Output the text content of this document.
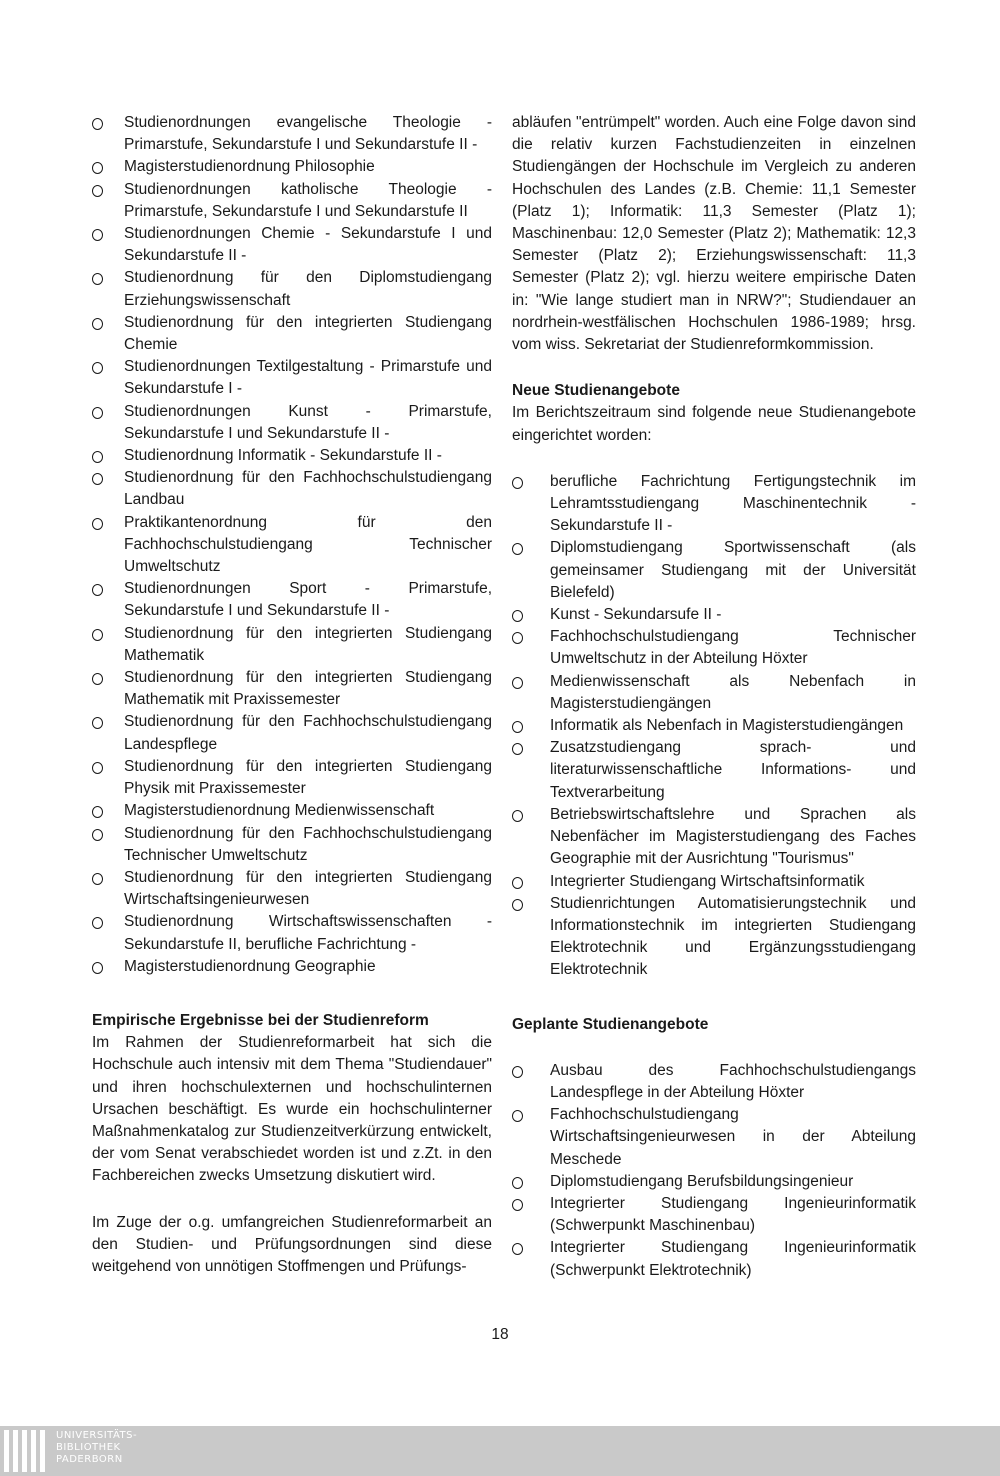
Studienordnungen evangelische Theologie - Primarstufe, Sekundarstufe I und Sekundarstufe II -
Magisterstudienordnung Philosophie
Studienordnungen katholische Theologie - Primarstufe, Sekundarstufe I und Sekundarstufe II
Studienordnungen Chemie - Sekundarstufe I und Sekundarstufe II -
Studienordnung für den Diplomstudiengang Erziehungswissenschaft
Studienordnung für den integrierten Studiengang Chemie
Studienordnungen Textilgestaltung - Primarstufe und Sekundarstufe I -
Studienordnungen Kunst - Primarstufe, Sekundarstufe I und Sekundarstufe II -
Studienordnung Informatik - Sekundarstufe II -
Studienordnung für den Fachhochschulstudiengang Landbau
Praktikantenordnung für den Fachhochschulstudiengang Technischer Umweltschutz
Studienordnungen Sport - Primarstufe, Sekundarstufe I und Sekundarstufe II -
Studienordnung für den integrierten Studiengang Mathematik
Studienordnung für den integrierten Studiengang Mathematik mit Praxissemester
Studienordnung für den Fachhochschulstudiengang Landespflege
Studienordnung für den integrierten Studiengang Physik mit Praxissemester
Magisterstudienordnung Medienwissenschaft
Studienordnung für den Fachhochschulstudiengang Technischer Umweltschutz
Studienordnung für den integrierten Studiengang Wirtschaftsingenieurwesen
Studienordnung Wirtschaftswissenschaften - Sekundarstufe II, berufliche Fachrichtung -
Magisterstudienordnung Geographie
Empirische Ergebnisse bei der Studienreform

Im Rahmen der Studienreformarbeit hat sich die Hochschule auch intensiv mit dem Thema "Studiendauer" und ihren hochschulexternen und hochschulinternen Ursachen beschäftigt. Es wurde ein hochschulinterner Maßnahmenkatalog zur Studienzeitverkürzung entwickelt, der vom Senat verabschiedet worden ist und z.Zt. in den Fachbereichen zwecks Umsetzung diskutiert wird.

Im Zuge der o.g. umfangreichen Studienreformarbeit an den Studien- und Prüfungsordnungen sind diese weitgehend von unnötigen Stoffmengen und Prüfungs-

abläufen "entrümpelt" worden. Auch eine Folge davon sind die relativ kurzen Fachstudienzeiten in einzelnen Studiengängen der Hochschule im Vergleich zu anderen Hochschulen des Landes (z.B. Chemie: 11,1 Semester (Platz 1); Informatik: 11,3 Semester (Platz 1); Maschinenbau: 12,0 Semester (Platz 2); Mathematik: 12,3 Semester (Platz 2); Erziehungswissenschaft: 11,3 Semester (Platz 2); vgl. hierzu weitere empirische Daten in: "Wie lange studiert man in NRW?"; Studiendauer an nordrhein-westfälischen Hochschulen 1986-1989; hrsg. vom wiss. Sekretariat der Studienreformkommission.

Neue Studienangebote

Im Berichtszeitraum sind folgende neue Studienangebote eingerichtet worden:

berufliche Fachrichtung Fertigungstechnik im Lehramtsstudiengang Maschinentechnik - Sekundarstufe II -
Diplomstudiengang Sportwissenschaft (als gemeinsamer Studiengang mit der Universität Bielefeld)
Kunst - Sekundarsufe II -
Fachhochschulstudiengang Technischer Umweltschutz in der Abteilung Höxter
Medienwissenschaft als Nebenfach in Magisterstudiengängen
Informatik als Nebenfach in Magisterstudiengängen
Zusatzstudiengang sprach- und literaturwissenschaftliche Informations- und Textverarbeitung
Betriebswirtschaftslehre und Sprachen als Nebenfächer im Magisterstudiengang des Faches Geographie mit der Ausrichtung "Tourismus"
Integrierter Studiengang Wirtschaftsinformatik
Studienrichtungen Automatisierungstechnik und Informationstechnik im integrierten Studiengang Elektrotechnik und Ergänzungsstudiengang Elektrotechnik
Geplante Studienangebote
Ausbau des Fachhochschulstudiengangs Landespflege in der Abteilung Höxter
Fachhochschulstudiengang Wirtschaftsingenieurwesen in der Abteilung Meschede
Diplomstudiengang Berufsbildungsingenieur
Integrierter Studiengang Ingenieurinformatik (Schwerpunkt Maschinenbau)
Integrierter Studiengang Ingenieurinformatik (Schwerpunkt Elektrotechnik)
18
UNIVERSITÄTS-
BIBLIOTHEK
PADERBORN
